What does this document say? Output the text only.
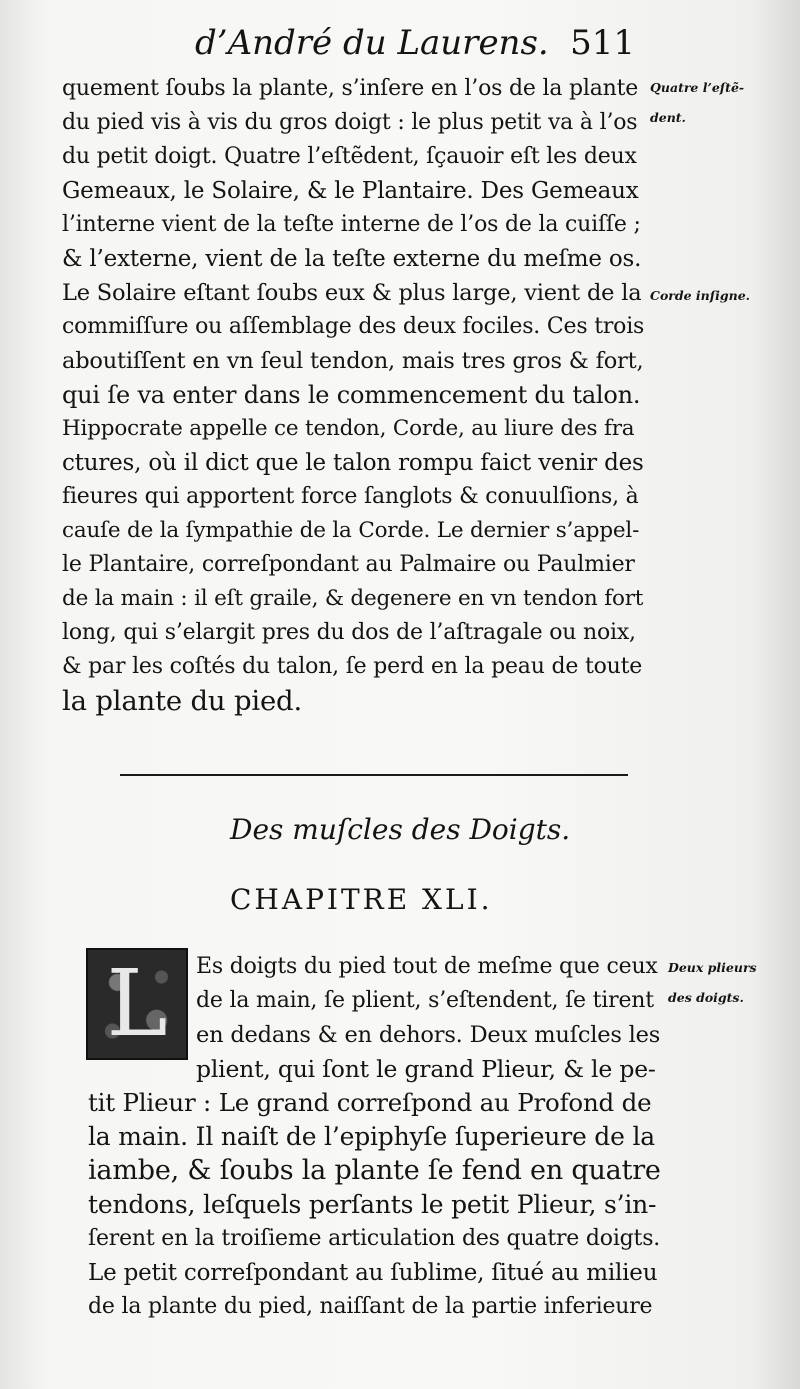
d’André du Laurens. 511
quement ſoubs la plante, s’inſere en l’os de la plante
du pied vis à vis du gros doigt : le plus petit va à l’os
du petit doigt. Quatre l’eſtẽdent, ſçauoir eſt les deux
Gemeaux, le Solaire, & le Plantaire. Des Gemeaux
l’interne vient de la teſte interne de l’os de la cuiſſe ;
& l’externe, vient de la teſte externe du meſme os.
Le Solaire eſtant ſoubs eux & plus large, vient de la
commiſſure ou aſſemblage des deux fociles. Ces trois
aboutiſſent en vn ſeul tendon, mais tres gros & fort,
qui ſe va enter dans le commencement du talon.
Hippocrate appelle ce tendon, Corde, au liure des fra
ctures, où il dict que le talon rompu faict venir des
fieures qui apportent force ſanglots & conuulſions, à
cauſe de la ſympathie de la Corde. Le dernier s’appel-
le Plantaire, correſpondant au Palmaire ou Paulmier
de la main : il eſt graile, & degenere en vn tendon fort
long, qui s’elargit pres du dos de l’aſtragale ou noix,
& par les coſtés du talon, ſe perd en la peau de toute
la plante du pied.
Quatre l’eſtẽ-
dent.
Corde inſigne.
Des muſcles des Doigts.
CHAPITRE XLI.
L	Es doigts du pied tout de meſme que ceux
de la main, ſe plient, s’eſtendent, ſe tirent
en dedans & en dehors. Deux muſcles les
plient, qui ſont le grand Plieur, & le pe-
tit Plieur : Le grand correſpond au Profond de
la main. Il naiſt de l’epiphyſe ſuperieure de la
iambe, & ſoubs la plante ſe fend en quatre
tendons, leſquels perſants le petit Plieur, s’in-
ſerent en la troiſieme articulation des quatre doigts.
Le petit correſpondant au ſublime, ſitué au milieu
de la plante du pied, naiſſant de la partie inferieure
Deux plieurs
des doigts.
